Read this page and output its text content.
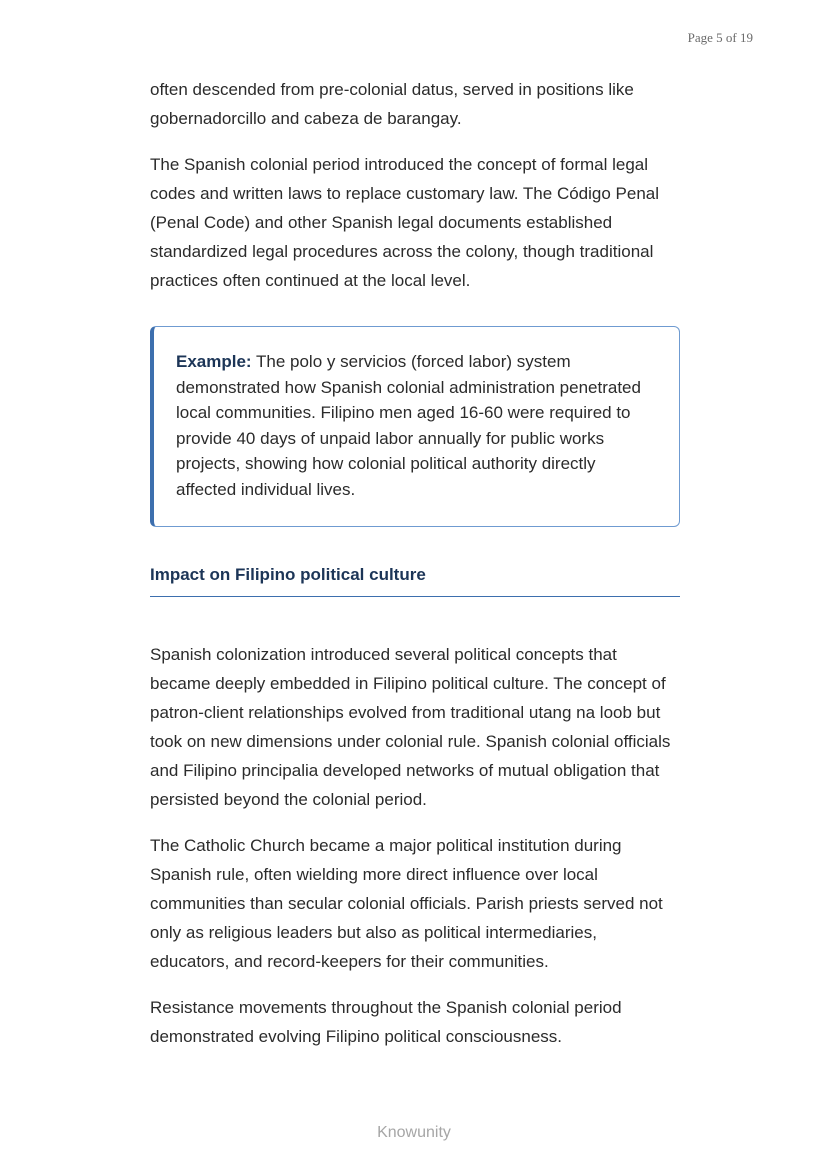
Page 5 of 19

often descended from pre-colonial datus, served in positions like gobernadorcillo and cabeza de barangay.

The Spanish colonial period introduced the concept of formal legal codes and written laws to replace customary law. The Código Penal (Penal Code) and other Spanish legal documents established standardized legal procedures across the colony, though traditional practices often continued at the local level.

Example: The polo y servicios (forced labor) system demonstrated how Spanish colonial administration penetrated local communities. Filipino men aged 16-60 were required to provide 40 days of unpaid labor annually for public works projects, showing how colonial political authority directly affected individual lives.

Impact on Filipino political culture

Spanish colonization introduced several political concepts that became deeply embedded in Filipino political culture. The concept of patron-client relationships evolved from traditional utang na loob but took on new dimensions under colonial rule. Spanish colonial officials and Filipino principalia developed networks of mutual obligation that persisted beyond the colonial period.

The Catholic Church became a major political institution during Spanish rule, often wielding more direct influence over local communities than secular colonial officials. Parish priests served not only as religious leaders but also as political intermediaries, educators, and record-keepers for their communities.

Resistance movements throughout the Spanish colonial period demonstrated evolving Filipino political consciousness.

Knowunity
